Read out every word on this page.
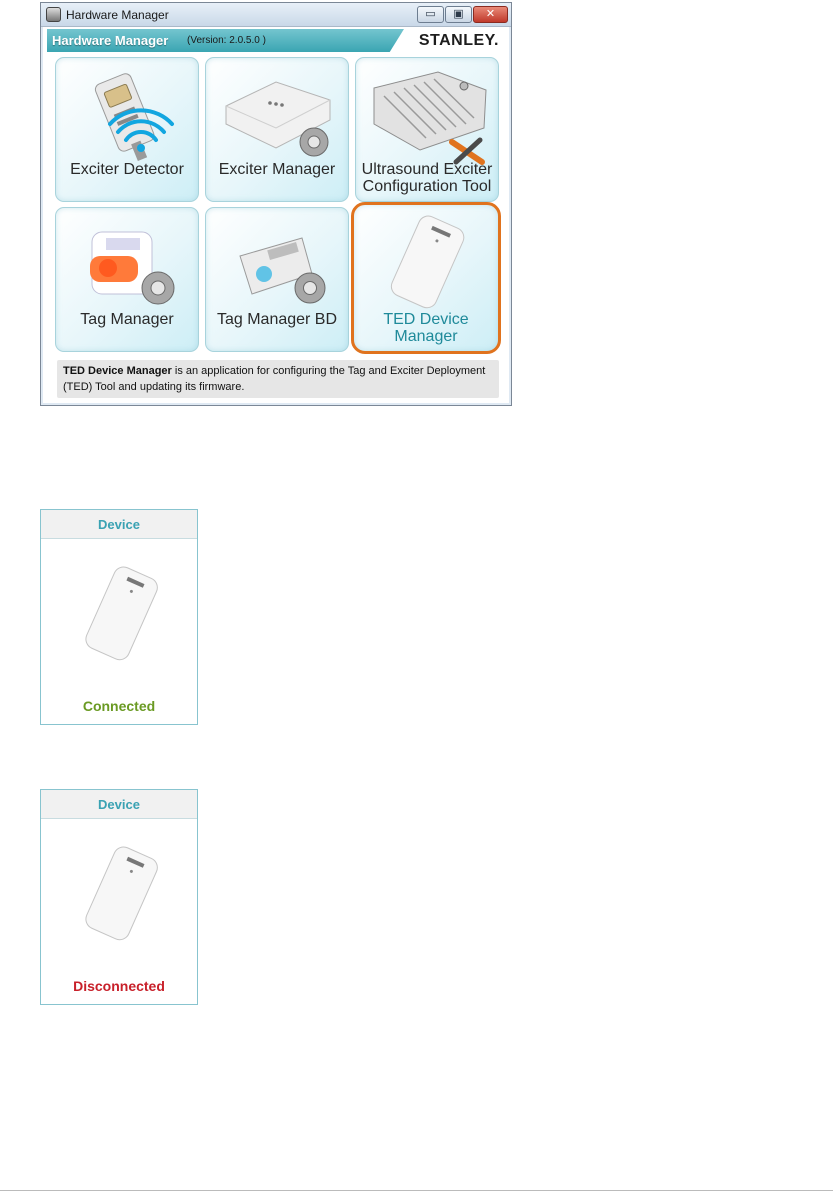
Hardware Manager	▭	▣	✕
Hardware Manager (Version: 2.0.5.0 )	STANLEY.
Exciter Detector	Exciter Manager	Ultrasound Exciter
Configuration Tool
Tag Manager	Tag Manager BD	TED Device
Manager
TED Device Manager is an application for configuring the Tag and Exciter Deployment (TED) Tool and updating its firmware.
Device
Connected
Device
Disconnected
